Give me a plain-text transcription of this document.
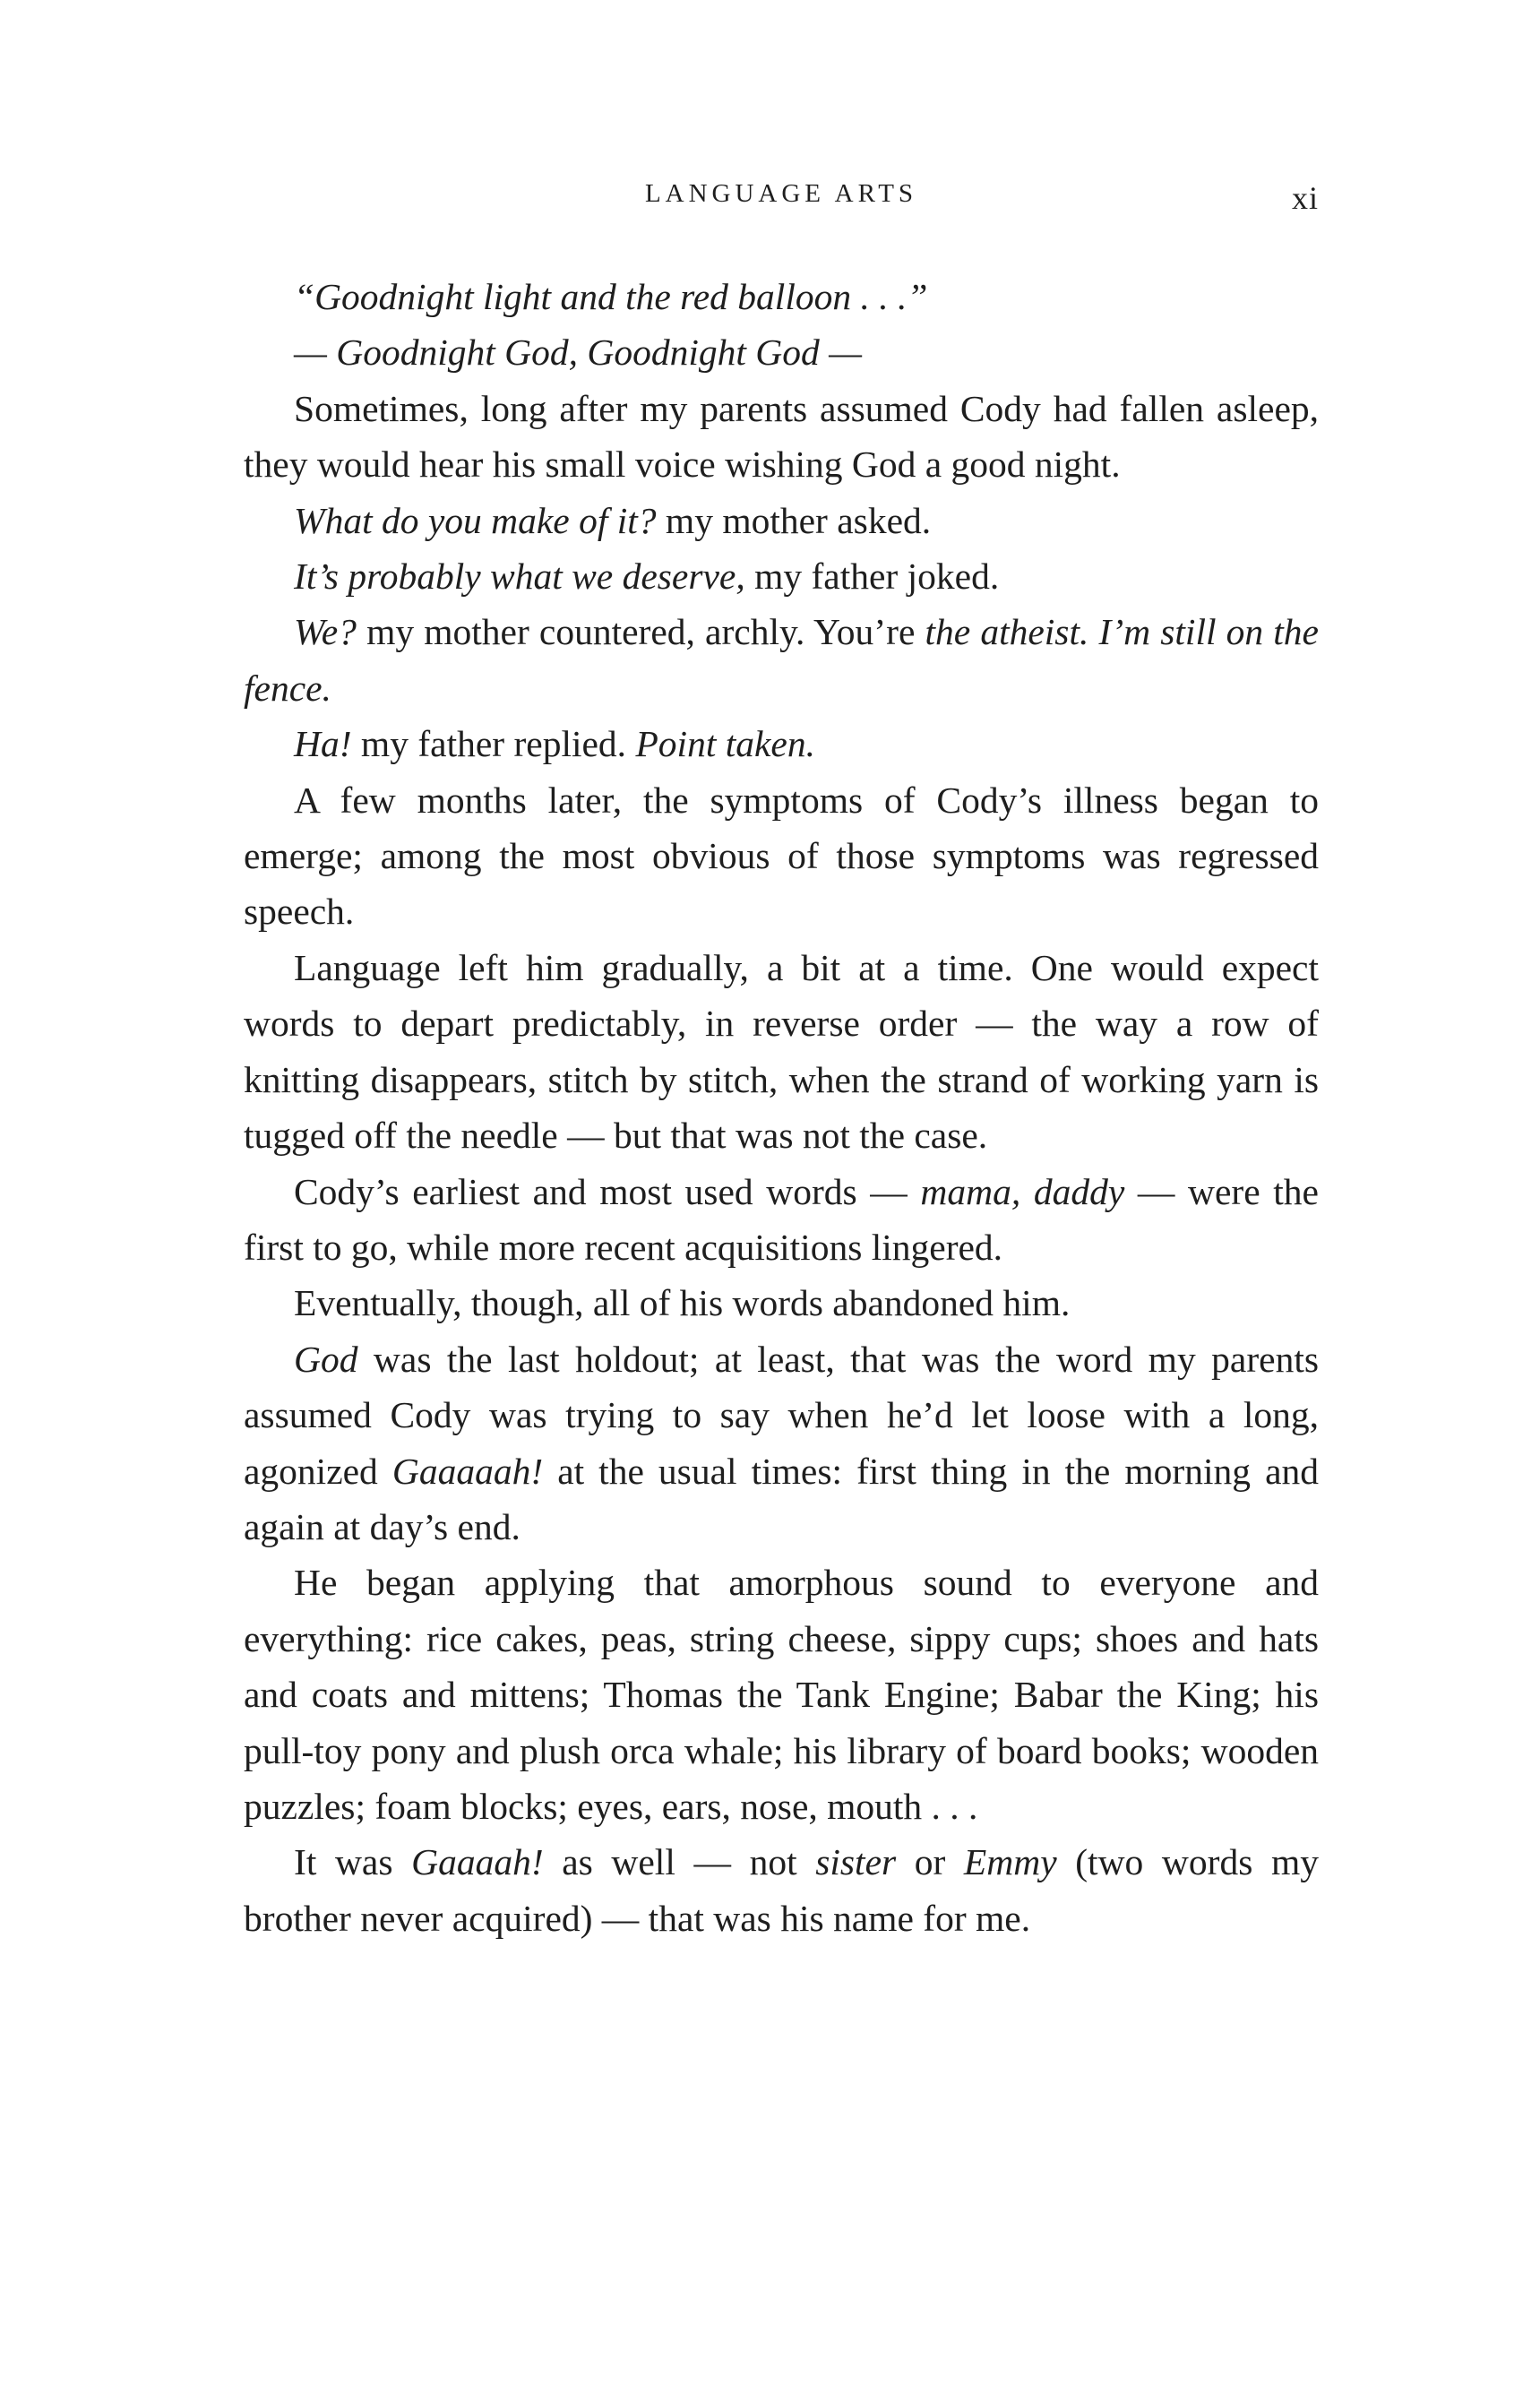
LANGUAGE ARTS	xi

“Goodnight light and the red balloon . . .”

— Goodnight God, Goodnight God —

Sometimes, long after my parents assumed Cody had fallen asleep, they would hear his small voice wishing God a good night.

What do you make of it? my mother asked.

It’s probably what we deserve, my father joked.

We? my mother countered, archly. You’re the atheist. I’m still on the fence.

Ha! my father replied. Point taken.

A few months later, the symptoms of Cody’s illness began to emerge; among the most obvious of those symptoms was regressed speech.

Language left him gradually, a bit at a time. One would expect words to depart predictably, in reverse order — the way a row of knitting disappears, stitch by stitch, when the strand of working yarn is tugged off the needle — but that was not the case.

Cody’s earliest and most used words — mama, daddy — were the first to go, while more recent acquisitions lingered.

Eventually, though, all of his words abandoned him.

God was the last holdout; at least, that was the word my parents assumed Cody was trying to say when he’d let loose with a long, agonized Gaaaaah! at the usual times: first thing in the morning and again at day’s end.

He began applying that amorphous sound to everyone and everything: rice cakes, peas, string cheese, sippy cups; shoes and hats and coats and mittens; Thomas the Tank Engine; Babar the King; his pull-toy pony and plush orca whale; his library of board books; wooden puzzles; foam blocks; eyes, ears, nose, mouth . . .

It was Gaaaah! as well — not sister or Emmy (two words my brother never acquired) — that was his name for me.
